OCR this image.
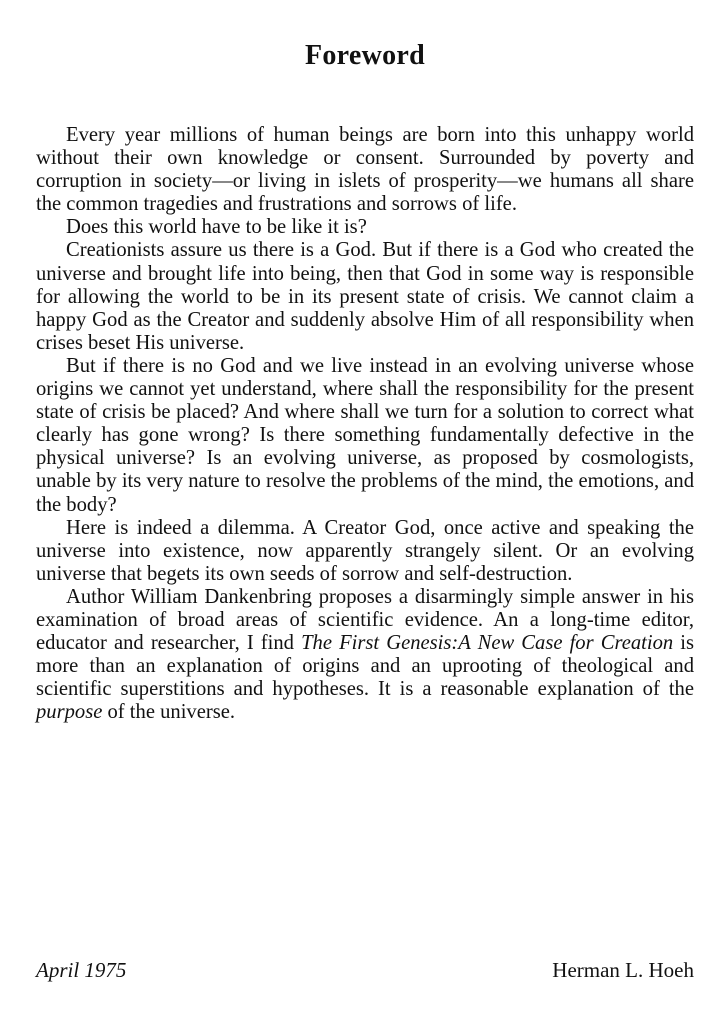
Foreword

Every year millions of human beings are born into this unhappy world without their own knowledge or consent. Surrounded by poverty and corruption in society—or living in islets of prosperity—we humans all share the common tragedies and frustrations and sorrows of life.

Does this world have to be like it is?

Creationists assure us there is a God. But if there is a God who created the universe and brought life into being, then that God in some way is responsible for allowing the world to be in its present state of crisis. We cannot claim a happy God as the Creator and suddenly absolve Him of all responsibility when crises beset His universe.

But if there is no God and we live instead in an evolving universe whose origins we cannot yet understand, where shall the responsibility for the present state of crisis be placed? And where shall we turn for a solution to correct what clearly has gone wrong? Is there something fundamentally defective in the physical universe? Is an evolving universe, as proposed by cosmologists, unable by its very nature to resolve the problems of the mind, the emotions, and the body?

Here is indeed a dilemma. A Creator God, once active and speaking the universe into existence, now apparently strangely silent. Or an evolving universe that begets its own seeds of sorrow and self-destruction.

Author William Dankenbring proposes a disarmingly simple answer in his examination of broad areas of scientific evidence. An a long-time editor, educator and researcher, I find The First Genesis:A New Case for Creation is more than an explanation of origins and an uprooting of theological and scientific superstitions and hypotheses. It is a reasonable explanation of the purpose of the universe.

April 1975	Herman L. Hoeh
